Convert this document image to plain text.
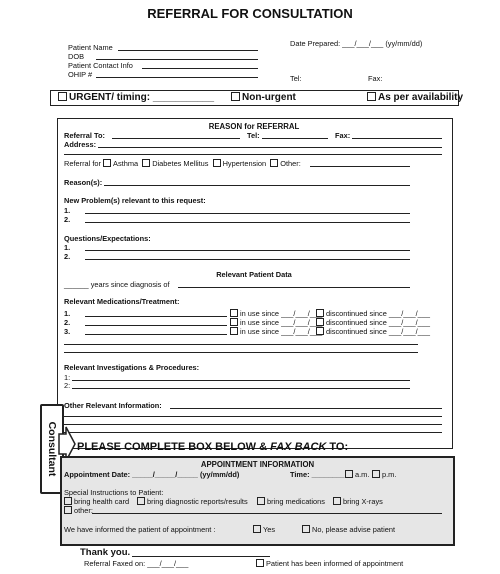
REFERRAL FOR CONSULTATION
Patient Name
DOB
Patient Contact Info
OHIP #
Date Prepared: ___/___/___ (yy/mm/dd)
Tel:	Fax:
URGENT/ timing: ___________	Non-urgent	As per availability
REASON for REFERRAL
Referral To:	Tel:	Fax:
Address:
Referral for Asthma Diabetes Mellitus Hypertension Other:
Reason(s):
New Problem(s) relevant to this request:
1.
2.
Questions/Expectations:
1.
2.
Relevant Patient Data
______ years since diagnosis of
Relevant Medications/Treatment:
1.	in use since ___/___/___ discontinued since ___/___/___
2.	in use since ___/___/___ discontinued since ___/___/___
3.	in use since ___/___/___ discontinued since ___/___/___
Relevant Investigations & Procedures:
1:
2:
Other Relevant Information:
Consultant PLEASE COMPLETE BOX BELOW & FAX BACK TO:
APPOINTMENT INFORMATION
Appointment Date: _____/_____/_____ (yy/mm/dd)	Time: ________	a.m.	p.m.
Special Instructions to Patient:
bring health card	bring diagnostic reports/results	bring medications	bring X-rays
other:
We have informed the patient of appointment :	Yes	No, please advise patient
Thank you.
Referral Faxed on: ___/___/___	Patient has been informed of appointment
